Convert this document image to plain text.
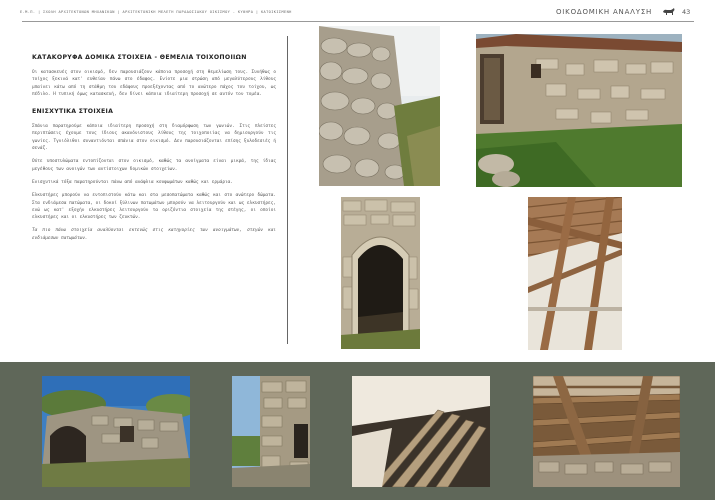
Ε.Μ.Π. | ΣΧΟΛΗ ΑΡΧΙΤΕΚΤΟΝΩΝ ΜΗΧΑΝΙΚΩΝ | ΑΡΧΙΤΕΚΤΟΝΙΚΗ ΜΕΛΕΤΗ ΠΑΡΑΔΟΣΙΑΚΟΥ ΟΙΚΙΣΜΟΥ - ΚΥΘΗΡΑ | ΚΑΤΟΙΚΙΣΜΕΝΗ	ΟΙΚΟΔΟΜΙΚΗ ΑΝΑΛΥΣΗ	43
ΚΑΤΑΚΟΡΥΦΑ ΔΟΜΙΚΑ ΣΤΟΙΧΕΙΑ - ΘΕΜΕΛΙΑ ΤΟΙΧΟΠΟΙΙΩΝ

Οι κατασκευές στον οικισμό, δεν παρουσιάζουν κάποια προσοχή στη θεμελίωση τους. Συνήθως ο τοίχος ξεκινά κατ' ευθείαν πάνω στο έδαφος. Ενίοτε μια στρώση από μεγαλύτερους λίθους μπαίνει κάτω από τη στάθμη του εδάφους προεξέχοντας από το ανώτερο πάχος του τοίχου, ως πέδιλο. Η τυπική όμως κατασκευή, δεν δίνει κάποια ιδιαίτερη προσοχή σε αυτόν τον τομέα.

ΕΝΙΣΧΥΤΙΚΑ ΣΤΟΙΧΕΙΑ

Σπάνια παρατηρούμε κάποια ιδιαίτερη προσοχή στη διαμόρφωση των γωνιών. Στις πλείστες περιπτώσεις έχουμε τους ίδιους ακανόνιστους λίθους της τοιχοποιίας να δημιουργούν τις γωνίες. Τγνιόλιθοι συναντιόνται σπάνια στον οικισμό. Δεν παρουσιάζονται επίσης ξυλοδεσιές ή σενάζ.

Ούτε υποστυλώματα εντοπίζονται στον οικισμό, καθώς τα ανοίγματα είναι μικρά, της ίδιας μεγέθους των ανοιγών των αντίστοιχων δομικών στοιχείων.

Ενισχυτικά τόξα παρατηρούνται πάνω από ανάφλια κουφωμάτων καθώς και ερμάρια.

Ελκυστήρες μπορούν να εντοπιστούν κάτω και στα μεσοπατώματα καθώς και στο ανώτερο δώματα. Στα ενδιάμεσα πατώματα, οι δοκοί ξύλινων πατωμάτων μπορούν να λειτουργούν και ως ελκυστήρες, ενώ ως κατ' εξοχήν ελκυστήρες λειτουργούν τα οριζόντια στοιχεία της στέγης, οι οποίοι ελκυστήρες και οι ελκυστήρες των ζευκτών.

Τα πιο πάνω στοιχεία αναλύονται εκτενώς στις κατηγορίες των ανοιγμάτων, στεγών και ενδιάμεσων πατωμάτων.
